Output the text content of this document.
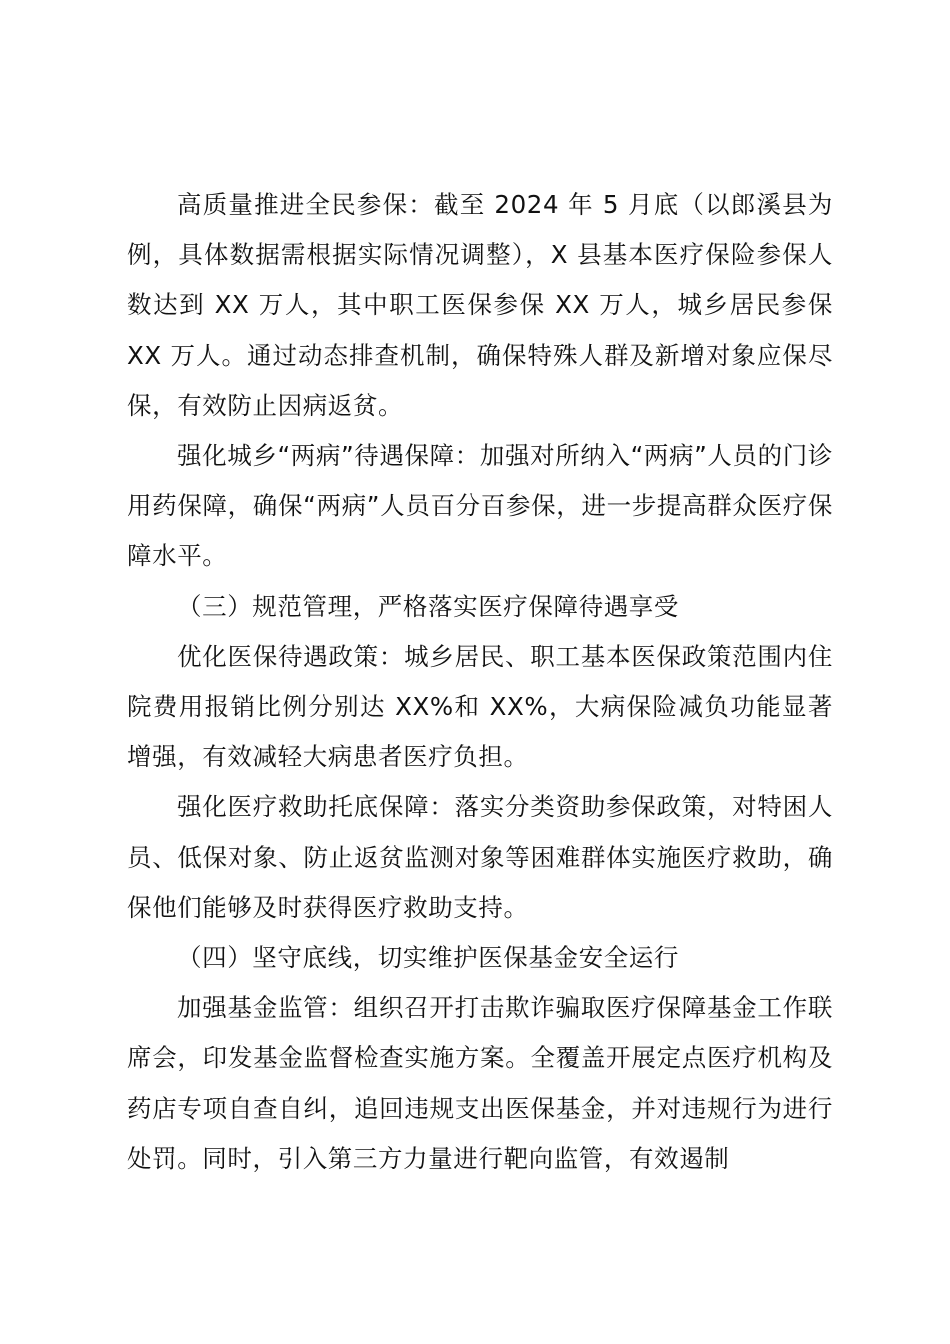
高质量推进全民参保：截至 2024 年 5 月底（以郎溪县为例，具体数据需根据实际情况调整），X 县基本医疗保险参保人数达到 XX 万人，其中职工医保参保 XX 万人，城乡居民参保 XX 万人。通过动态排查机制，确保特殊人群及新增对象应保尽保，有效防止因病返贫。

强化城乡“两病”待遇保障：加强对所纳入“两病”人员的门诊用药保障，确保“两病”人员百分百参保，进一步提高群众医疗保障水平。

（三）规范管理，严格落实医疗保障待遇享受

优化医保待遇政策：城乡居民、职工基本医保政策范围内住院费用报销比例分别达 XX%和 XX%，大病保险减负功能显著增强，有效减轻大病患者医疗负担。

强化医疗救助托底保障：落实分类资助参保政策，对特困人员、低保对象、防止返贫监测对象等困难群体实施医疗救助，确保他们能够及时获得医疗救助支持。

（四）坚守底线，切实维护医保基金安全运行

加强基金监管：组织召开打击欺诈骗取医疗保障基金工作联席会，印发基金监督检查实施方案。全覆盖开展定点医疗机构及药店专项自查自纠，追回违规支出医保基金，并对违规行为进行处罚。同时，引入第三方力量进行靶向监管，有效遏制
